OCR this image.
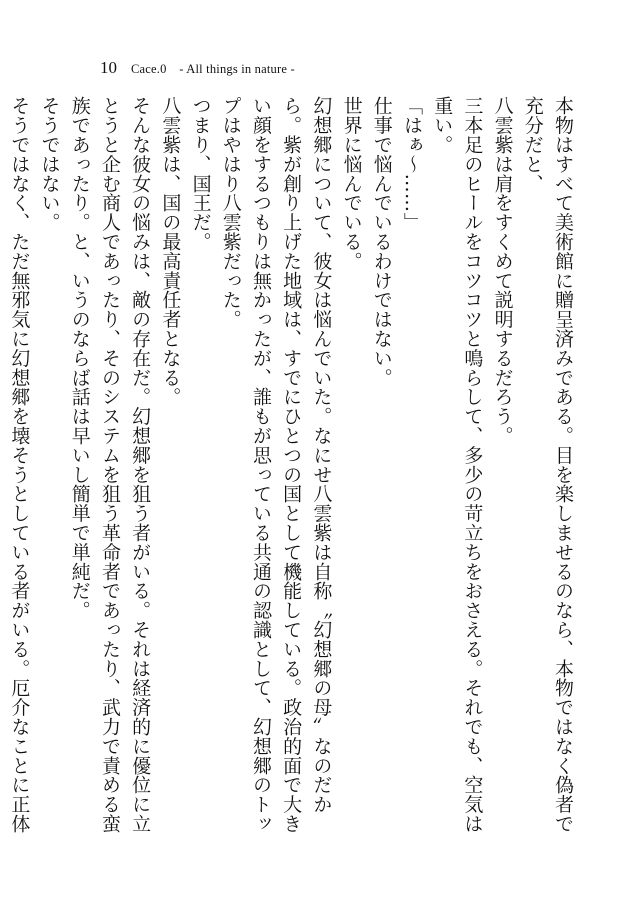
10 Cace.0　- All things in nature -

本物はすべて美術館に贈呈済みである。目を楽しませるのなら、本物ではなく偽者で充分だと、

八雲紫は肩をすくめて説明するだろう。

三本足のヒールをコツコツと鳴らして、多少の苛立ちをおさえる。それでも、空気は重い。

「はぁ～……」

仕事で悩んでいるわけではない。

世界に悩んでいる。

幻想郷について、彼女は悩んでいた。なにせ八雲紫は自称〝幻想郷の母〟なのだから。紫が創り上げた地域は、すでにひとつの国として機能している。政治的面で大きい顔をするつもりは無かったが、誰もが思っている共通の認識として、幻想郷のトップはやはり八雲紫だった。

つまり、国王だ。

八雲紫は、国の最高責任者となる。

そんな彼女の悩みは、敵の存在だ。幻想郷を狙う者がいる。それは経済的に優位に立とうと企む商人であったり、そのシステムを狙う革命者であったり、武力で責める蛮族であったり。と、いうのならば話は早いし簡単で単純だ。

そうではない。

そうではなく、ただ無邪気に幻想郷を壊そうとしている者がいる。厄介なことに正体
